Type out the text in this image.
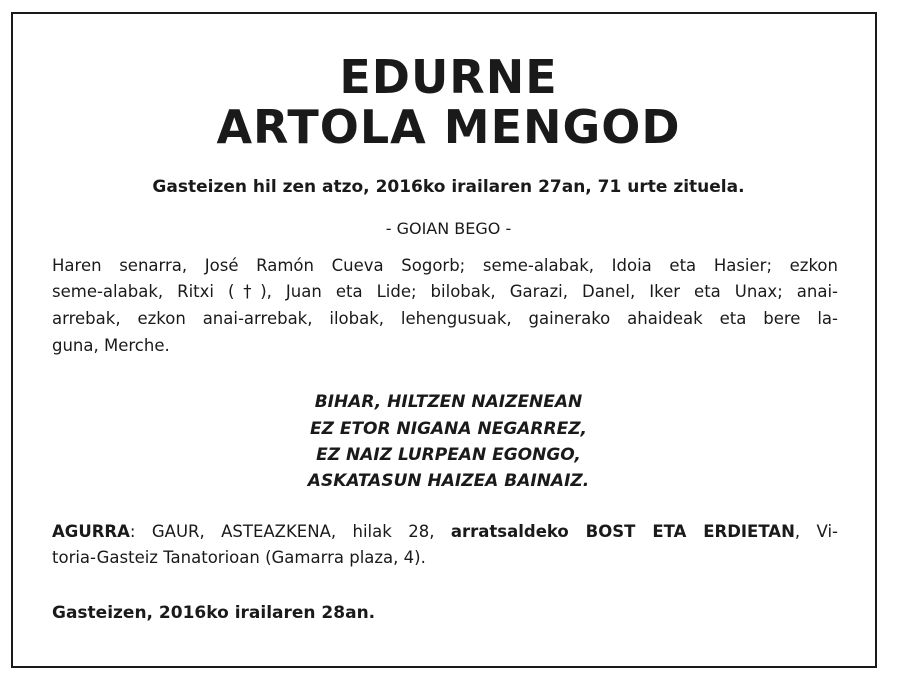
EDURNE
ARTOLA MENGOD
Gasteizen hil zen atzo, 2016ko irailaren 27an, 71 urte zituela.
- GOIAN BEGO -
Haren senarra, José Ramón Cueva Sogorb; seme-alabak, Idoia eta Hasier; ezkon
seme-alabak, Ritxi (†), Juan eta Lide; bilobak, Garazi, Danel, Iker eta Unax; anai-
arrebak, ezkon anai-arrebak, ilobak, lehengusuak, gainerako ahaideak eta bere la-
guna, Merche.
BIHAR, HILTZEN NAIZENEAN
EZ ETOR NIGANA NEGARREZ,
EZ NAIZ LURPEAN EGONGO,
ASKATASUN HAIZEA BAINAIZ.
AGURRA: GAUR, ASTEAZKENA, hilak 28, arratsaldeko BOST ETA ERDIETAN, Vi-
toria-Gasteiz Tanatorioan (Gamarra plaza, 4).
Gasteizen, 2016ko irailaren 28an.
